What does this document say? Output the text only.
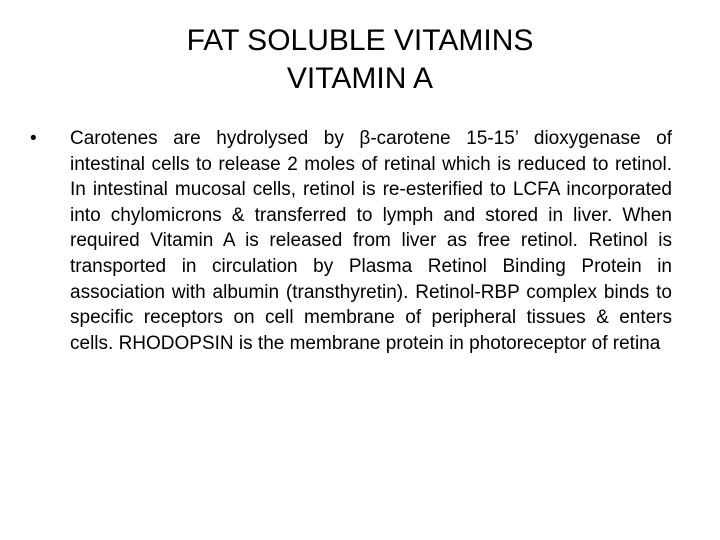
FAT SOLUBLE VITAMINS
VITAMIN A
• Carotenes are hydrolysed by β-carotene 15-15’ dioxygenase of intestinal cells to release 2 moles of retinal which is reduced to retinol. In intestinal mucosal cells, retinol is re-esterified to LCFA incorporated into chylomicrons & transferred to lymph and stored in liver. When required Vitamin A is released from liver as free retinol. Retinol is transported in circulation by Plasma Retinol Binding Protein in association with albumin (transthyretin). Retinol-RBP complex binds to specific receptors on cell membrane of peripheral tissues & enters cells. RHODOPSIN is the membrane protein in photoreceptor of retina
